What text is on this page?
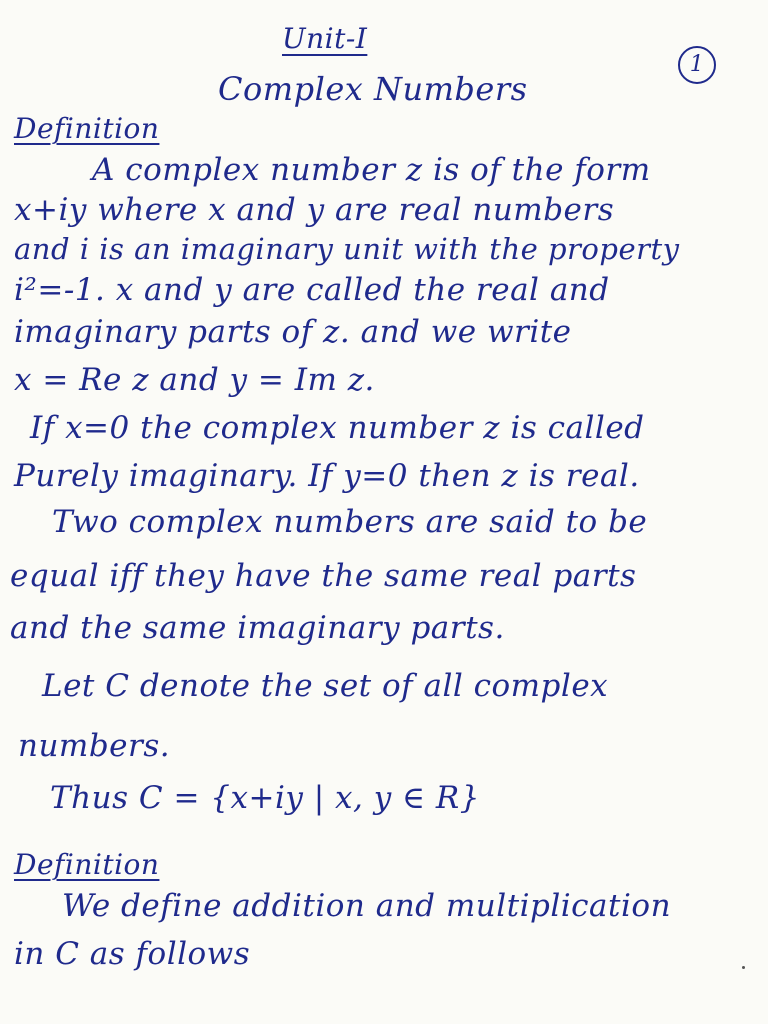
Unit-I
1
Complex Numbers
Definition
A complex number z is of the form
x+iy where x and y are real numbers
and i is an imaginary unit with the property
i²=-1. x and y are called the real and
imaginary parts of z. and we write
x = Re z and y = Im z.
If x=0 the complex number z is called
Purely imaginary. If y=0 then z is real.
Two complex numbers are said to be
equal iff they have the same real parts
and the same imaginary parts.
Let C denote the set of all complex
numbers.
Thus C = {x+iy | x, y ∈ R}
Definition
We define addition and multiplication
in C as follows
